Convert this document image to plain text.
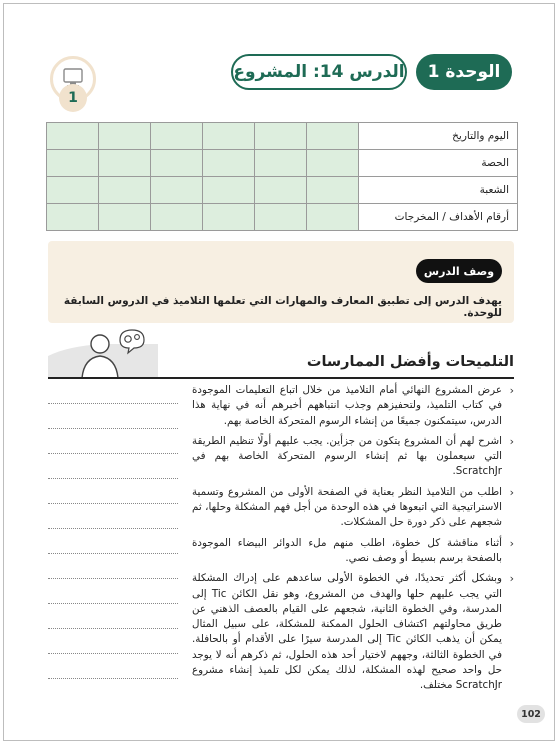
1
الدرس 14: المشروع	الوحدة 1
						اليوم والتاريخ
						الحصة
						الشعبة
						أرقام الأهداف / المخرجات
وصف الدرس
يهدف الدرس إلى تطبيق المعارف والمهارات التي تعلمها التلاميذ في الدروس السابقة للوحدة.
التلميحات وأفضل الممارسات
‹
عرض المشروع النهائي أمام التلاميذ من خلال اتباع التعليمات الموجودة في كتاب التلميذ، ولتحفيزهم وجذب انتباههم أخبرهم أنه في نهاية هذا الدرس، سيتمكنون جميعًا من إنشاء الرسوم المتحركة الخاصة بهم.
‹
اشرح لهم أن المشروع يتكون من جزأين. يجب عليهم أولًا تنظيم الطريقة التي سيعملون بها ثم إنشاء الرسوم المتحركة الخاصة بهم في ScratchJr.
‹
اطلب من التلاميذ النظر بعناية في الصفحة الأولى من المشروع وتسمية الاستراتيجية التي اتبعوها في هذه الوحدة من أجل فهم المشكلة وحلها، ثم شجعهم على ذكر دورة حل المشكلات.
‹
أثناء مناقشة كل خطوة، اطلب منهم ملء الدوائر البيضاء الموجودة بالصفحة برسم بسيط أو وصف نصي.
‹
وبشكل أكثر تحديدًا، في الخطوة الأولى ساعدهم على إدراك المشكلة التي يجب عليهم حلها والهدف من المشروع، وهو نقل الكائن Tic إلى المدرسة، وفي الخطوة الثانية، شجعهم على القيام بالعصف الذهني عن طريق محاولتهم اكتشاف الحلول الممكنة للمشكلة، على سبيل المثال يمكن أن يذهب الكائن Tic إلى المدرسة سيرًا على الأقدام أو بالحافلة. في الخطوة الثالثة، وجههم لاختيار أحد هذه الحلول، ثم ذكرهم أنه لا يوجد حل واحد صحيح لهذه المشكلة، لذلك يمكن لكل تلميذ إنشاء مشروع ScratchJr مختلف.
102
